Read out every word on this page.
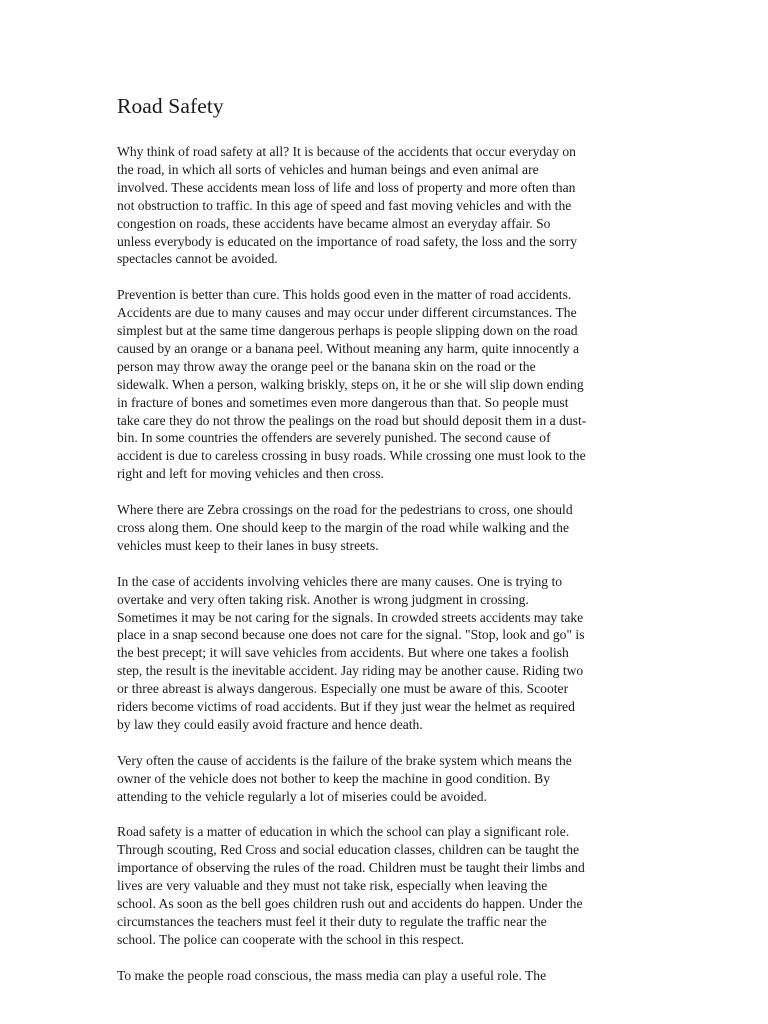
Road Safety

Why think of road safety at all? It is because of the accidents that occur everyday on
the road, in which all sorts of vehicles and human beings and even animal are
involved. These accidents mean loss of life and loss of property and more often than
not obstruction to traffic. In this age of speed and fast moving vehicles and with the
congestion on roads, these accidents have became almost an everyday affair. So
unless everybody is educated on the importance of road safety, the loss and the sorry
spectacles cannot be avoided.

Prevention is better than cure. This holds good even in the matter of road accidents.
Accidents are due to many causes and may occur under different circumstances. The
simplest but at the same time dangerous perhaps is people slipping down on the road
caused by an orange or a banana peel. Without meaning any harm, quite innocently a
person may throw away the orange peel or the banana skin on the road or the
sidewalk. When a person, walking briskly, steps on, it he or she will slip down ending
in fracture of bones and sometimes even more dangerous than that. So people must
take care they do not throw the pealings on the road but should deposit them in a dust-
bin. In some countries the offenders are severely punished. The second cause of
accident is due to careless crossing in busy roads. While crossing one must look to the
right and left for moving vehicles and then cross.

Where there are Zebra crossings on the road for the pedestrians to cross, one should
cross along them. One should keep to the margin of the road while walking and the
vehicles must keep to their lanes in busy streets.

In the case of accidents involving vehicles there are many causes. One is trying to
overtake and very often taking risk. Another is wrong judgment in crossing.
Sometimes it may be not caring for the signals. In crowded streets accidents may take
place in a snap second because one does not care for the signal. "Stop, look and go" is
the best precept; it will save vehicles from accidents. But where one takes a foolish
step, the result is the inevitable accident. Jay riding may be another cause. Riding two
or three abreast is always dangerous. Especially one must be aware of this. Scooter
riders become victims of road accidents. But if they just wear the helmet as required
by law they could easily avoid fracture and hence death.

Very often the cause of accidents is the failure of the brake system which means the
owner of the vehicle does not bother to keep the machine in good condition. By
attending to the vehicle regularly a lot of miseries could be avoided.

Road safety is a matter of education in which the school can play a significant role.
Through scouting, Red Cross and social education classes, children can be taught the
importance of observing the rules of the road. Children must be taught their limbs and
lives are very valuable and they must not take risk, especially when leaving the
school. As soon as the bell goes children rush out and accidents do happen. Under the
circumstances the teachers must feel it their duty to regulate the traffic near the
school. The police can cooperate with the school in this respect.

To make the people road conscious, the mass media can play a useful role. The
